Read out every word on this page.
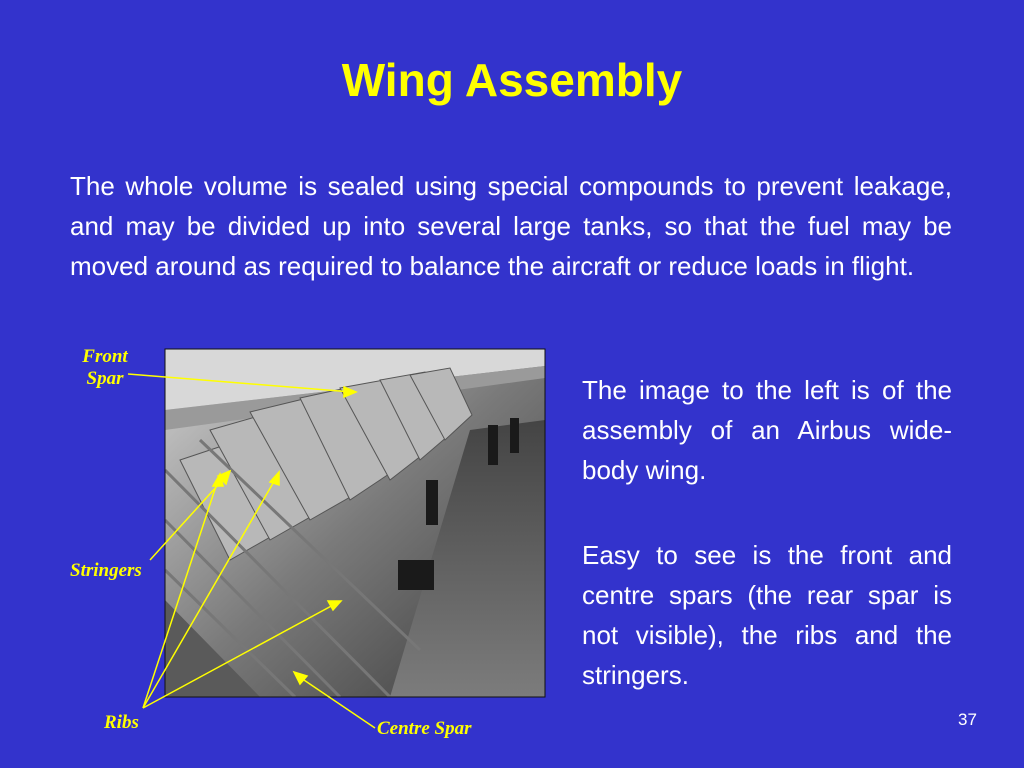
Wing Assembly

The whole volume is sealed using special compounds to prevent leakage, and may be divided up into several large tanks, so that the fuel may be moved around as required to balance the aircraft or reduce loads in flight.

Front
Spar
Stringers
Ribs	Centre Spar

The image to the left is of the assembly of an Airbus wide-body wing.

Easy to see is the front and centre spars (the rear spar is not visible), the ribs and the stringers.

37
